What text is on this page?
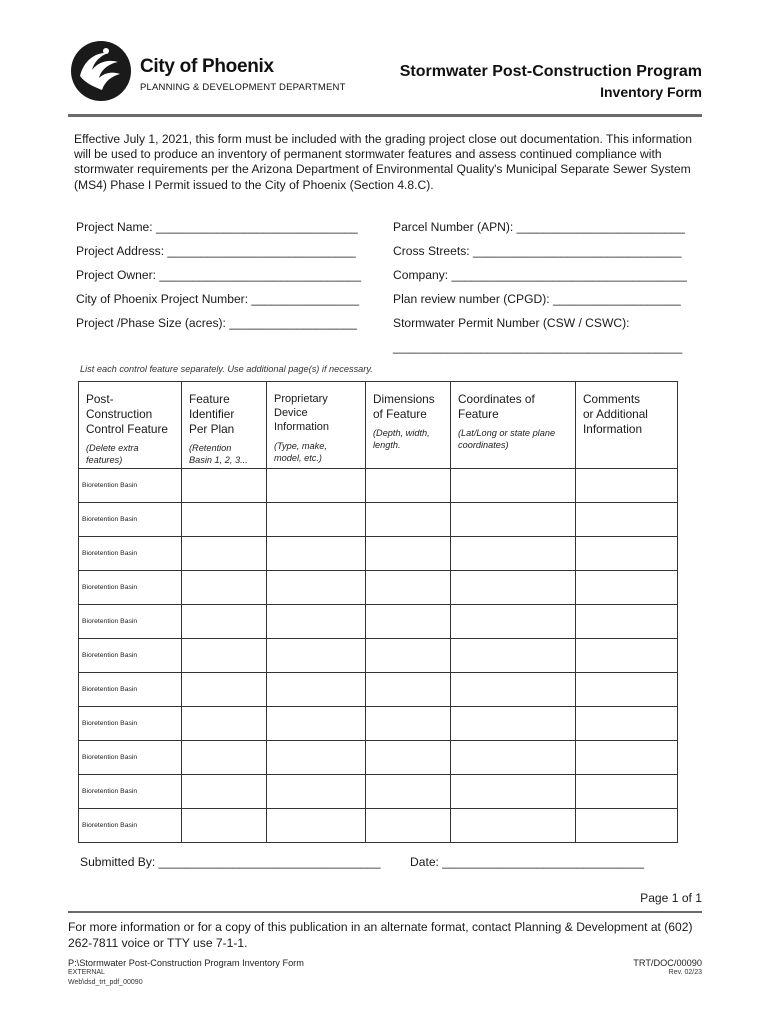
City of Phoenix
PLANNING & DEVELOPMENT DEPARTMENT
Stormwater Post-Construction Program
Inventory Form
Effective July 1, 2021, this form must be included with the grading project close out documentation. This information will be used to produce an inventory of permanent stormwater features and assess continued compliance with stormwater requirements per the Arizona Department of Environmental Quality's Municipal Separate Sewer System (MS4) Phase I Permit issued to the City of Phoenix (Section 4.8.C).
Project Name: ______________________________	Parcel Number (APN): _________________________
Project Address: ____________________________	Cross Streets: _______________________________
Project Owner: ______________________________	Company: ___________________________________
City of Phoenix Project Number: ________________	Plan review number (CPGD): ___________________
Project /Phase Size (acres): ___________________	Stormwater Permit Number (CSW / CSWC):
___________________________________________
List each control feature separately. Use additional page(s) if necessary.
Post-
Construction
Control Feature
(Delete extra
features)	Feature
Identifier
Per Plan
(Retention
Basin 1, 2, 3...	Proprietary
Device
Information
(Type, make,
model, etc.)	Dimensions
of Feature
(Depth, width,
length.	Coordinates of
Feature
(Lat/Long or state plane
coordinates)	Comments
or Additional
Information

Bioretention Basin					
Bioretention Basin					
Bioretention Basin					
Bioretention Basin					
Bioretention Basin					
Bioretention Basin					
Bioretention Basin					
Bioretention Basin					
Bioretention Basin					
Bioretention Basin					
Bioretention Basin					
Submitted By: _________________________________ Date: ______________________________
Page 1 of 1
For more information or for a copy of this publication in an alternate format, contact Planning & Development at (602) 262-7811 voice or TTY use 7-1-1.
P:\Stormwater Post-Construction Program Inventory Form	TRT/DOC/00090
EXTERNAL	Rev. 02/23
Web\dsd_trt_pdf_00090
